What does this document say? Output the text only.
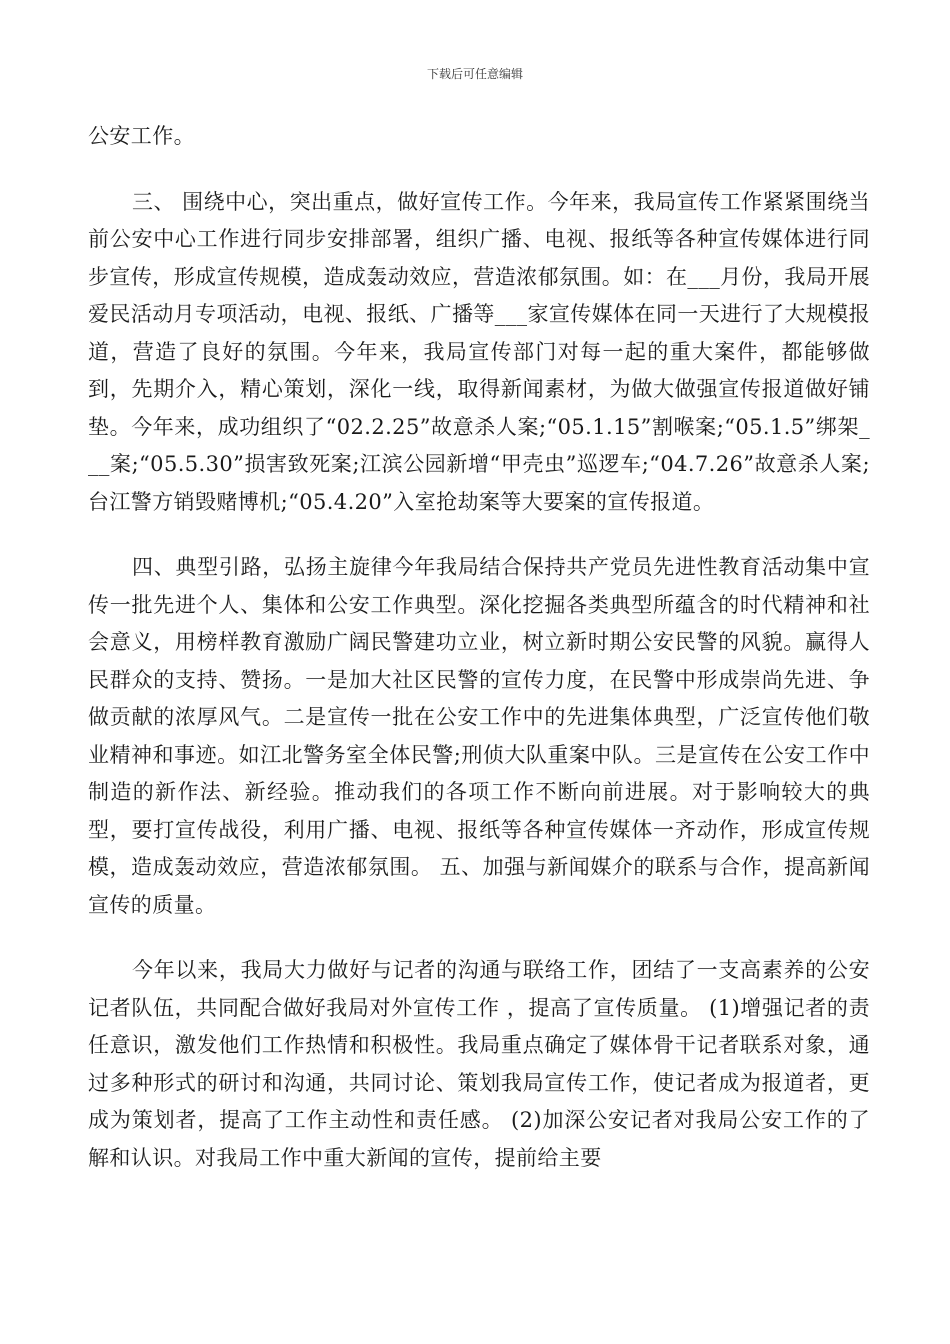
下载后可任意编辑

公安工作。

三、 围绕中心，突出重点，做好宣传工作。今年来，我局宣传工作紧紧围绕当前公安中心工作进行同步安排部署，组织广播、电视、报纸等各种宣传媒体进行同步宣传，形成宣传规模，造成轰动效应，营造浓郁氛围。如：在___月份，我局开展爱民活动月专项活动，电视、报纸、广播等___家宣传媒体在同一天进行了大规模报道，营造了良好的氛围。今年来，我局宣传部门对每一起的重大案件，都能够做到，先期介入，精心策划，深化一线，取得新闻素材，为做大做强宣传报道做好铺垫。今年来，成功组织了“02.2.25”故意杀人案;“05.1.15”割喉案;“05.1.5”绑架___案;“05.5.30”损害致死案;江滨公园新增“甲壳虫”巡逻车;“04.7.26”故意杀人案;台江警方销毁赌博机;“05.4.20”入室抢劫案等大要案的宣传报道。

四、典型引路，弘扬主旋律今年我局结合保持共产党员先进性教育活动集中宣传一批先进个人、集体和公安工作典型。深化挖掘各类典型所蕴含的时代精神和社会意义，用榜样教育激励广阔民警建功立业，树立新时期公安民警的风貌。赢得人民群众的支持、赞扬。一是加大社区民警的宣传力度，在民警中形成崇尚先进、争做贡献的浓厚风气。二是宣传一批在公安工作中的先进集体典型，广泛宣传他们敬业精神和事迹。如江北警务室全体民警;刑侦大队重案中队。三是宣传在公安工作中制造的新作法、新经验。推动我们的各项工作不断向前进展。对于影响较大的典型，要打宣传战役，利用广播、电视、报纸等各种宣传媒体一齐动作，形成宣传规模，造成轰动效应，营造浓郁氛围。 五、加强与新闻媒介的联系与合作，提高新闻宣传的质量。

今年以来，我局大力做好与记者的沟通与联络工作，团结了一支高素养的公安记者队伍，共同配合做好我局对外宣传工作 ，提高了宣传质量。 (1)增强记者的责任意识，激发他们工作热情和积极性。我局重点确定了媒体骨干记者联系对象，通过多种形式的研讨和沟通，共同讨论、策划我局宣传工作，使记者成为报道者，更成为策划者，提高了工作主动性和责任感。 (2)加深公安记者对我局公安工作的了解和认识。对我局工作中重大新闻的宣传，提前给主要
